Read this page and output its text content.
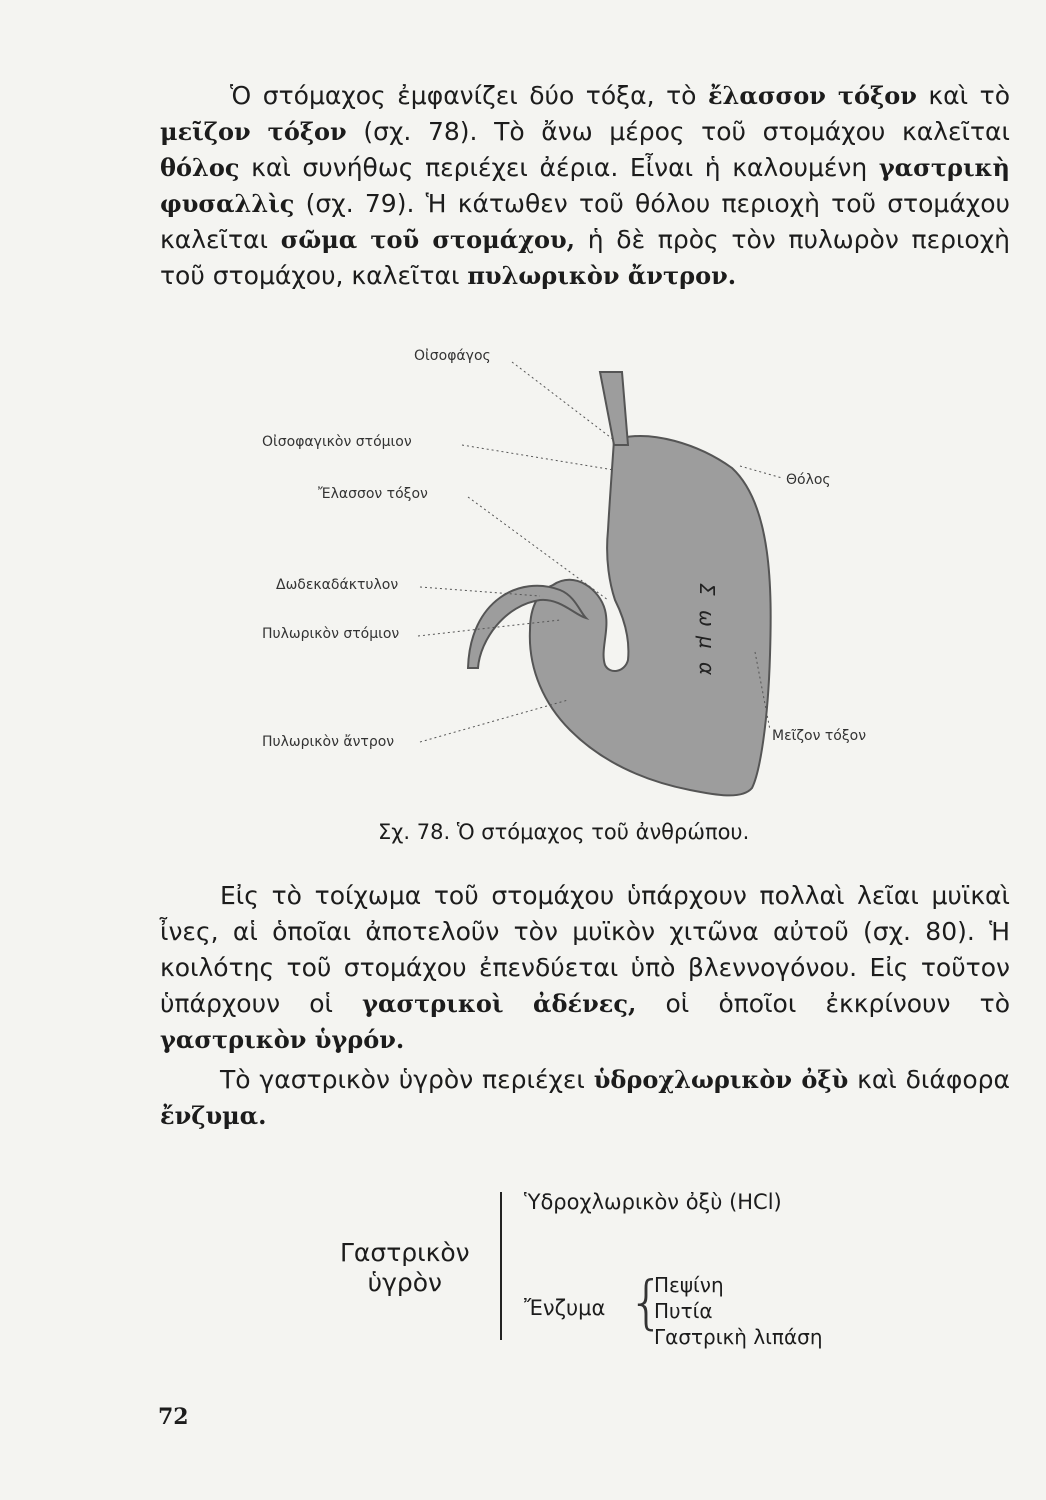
Ὁ στόμαχος ἐμφανίζει δύο τόξα, τὸ ἔλασσον τόξον καὶ τὸ μεῖζον τόξον (σχ. 78). Τὸ ἄνω μέρος τοῦ στομάχου καλεῖται θόλος καὶ συνήθως περιέχει ἀέρια. Εἶναι ἡ καλουμένη γαστρικὴ φυσαλλὶς (σχ. 79). Ἡ κάτωθεν τοῦ θόλου περιοχὴ τοῦ στομάχου καλεῖται σῶμα τοῦ στομάχου, ἡ δὲ πρὸς τὸν πυλωρὸν περιοχὴ τοῦ στομάχου, καλεῖται πυλωρικὸν ἄντρον.

Σ
ω
μ
α
Οἰσοφάγος
Οἰσοφαγικὸν στόμιον
Ἔλασσον τόξον
Θόλος
Δωδεκαδάκτυλον
Πυλωρικὸν στόμιον
Πυλωρικὸν ἄντρον	Μεῖζον τόξον
Σχ. 78. Ὁ στόμαχος τοῦ ἀνθρώπου.

Εἰς τὸ τοίχωμα τοῦ στομάχου ὑπάρχουν πολλαὶ λεῖαι μυϊκαὶ ἶνες, αἱ ὁποῖαι ἀποτελοῦν τὸν μυϊκὸν χιτῶνα αὐτοῦ (σχ. 80). Ἡ κοιλότης τοῦ στομάχου ἐπενδύεται ὑπὸ βλεννογόνου. Εἰς τοῦτον ὑπάρχουν οἱ γαστρικοὶ ἀδένες, οἱ ὁποῖοι ἐκκρίνουν τὸ γαστρικὸν ὑγρόν.

Τὸ γαστρικὸν ὑγρὸν περιέχει ὑδροχλωρικὸν ὀξὺ καὶ διάφορα ἔνζυμα.

Γαστρικὸν
ὑγρὸν
Ὑδροχλωρικὸν ὀξὺ (HCl)
Ἔνζυμα {
Πεψίνη
Πυτία
Γαστρικὴ λιπάση
72
